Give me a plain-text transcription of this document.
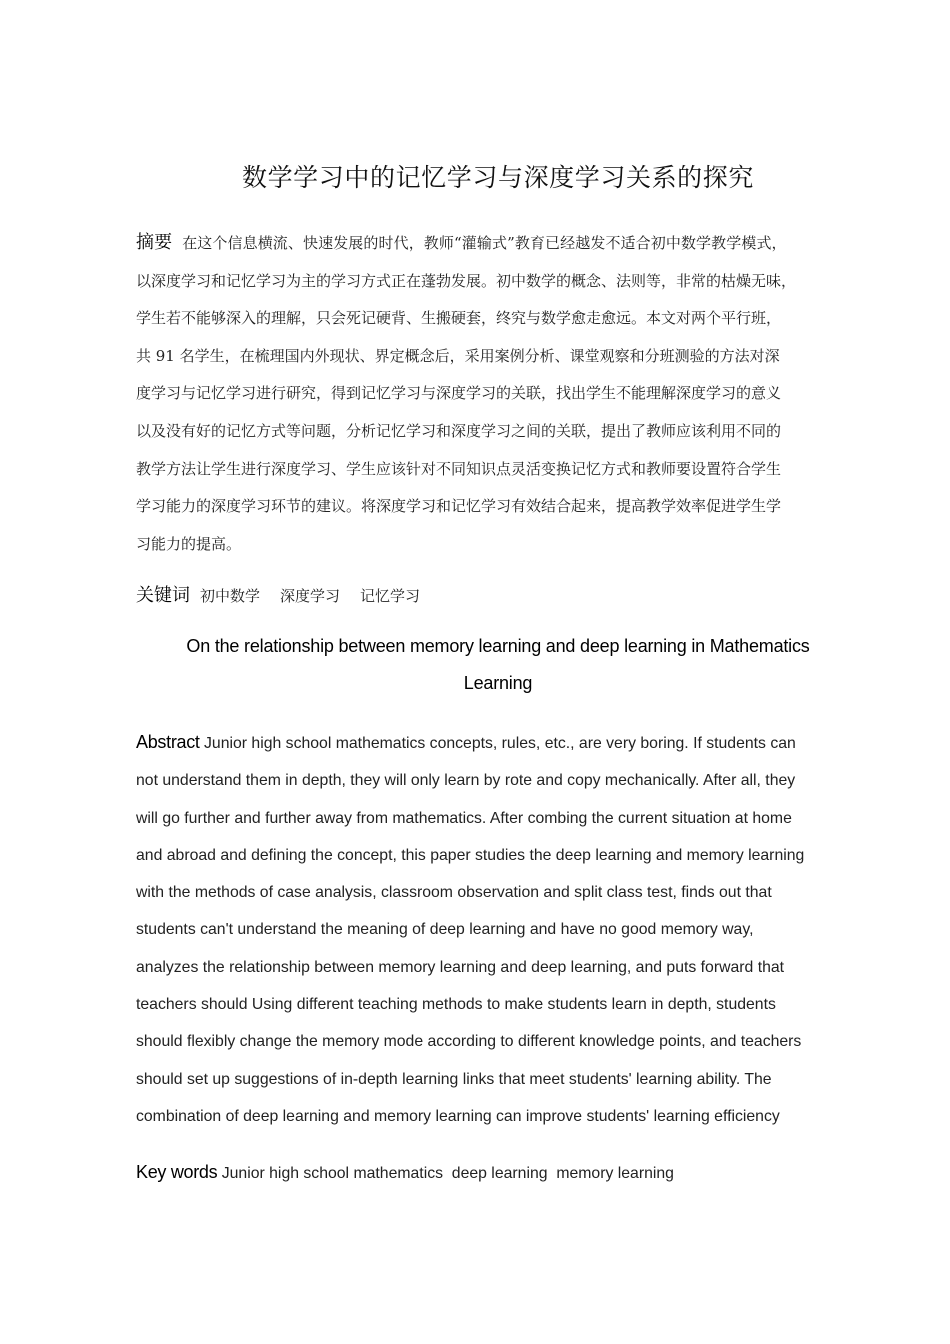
数学学习中的记忆学习与深度学习关系的探究
摘要 在这个信息横流、快速发展的时代，教师“灌输式”教育已经越发不适合初中数学教学模式，
以深度学习和记忆学习为主的学习方式正在蓬勃发展。初中数学的概念、法则等，非常的枯燥无味，
学生若不能够深入的理解，只会死记硬背、生搬硬套，终究与数学愈走愈远。本文对两个平行班，
共 91 名学生，在梳理国内外现状、界定概念后，采用案例分析、课堂观察和分班测验的方法对深
度学习与记忆学习进行研究，得到记忆学习与深度学习的关联，找出学生不能理解深度学习的意义
以及没有好的记忆方式等问题，分析记忆学习和深度学习之间的关联，提出了教师应该利用不同的
教学方法让学生进行深度学习、学生应该针对不同知识点灵活变换记忆方式和教师要设置符合学生
学习能力的深度学习环节的建议。将深度学习和记忆学习有效结合起来，提高教学效率促进学生学
习能力的提高。
关键词 初中数学 深度学习 记忆学习
On the relationship between memory learning and deep learning in Mathematics
Learning
Abstract Junior high school mathematics concepts, rules, etc., are very boring. If students can
not understand them in depth, they will only learn by rote and copy mechanically. After all, they
will go further and further away from mathematics. After combing the current situation at home
and abroad and defining the concept, this paper studies the deep learning and memory learning
with the methods of case analysis, classroom observation and split class test, finds out that
students can't understand the meaning of deep learning and have no good memory way,
analyzes the relationship between memory learning and deep learning, and puts forward that
teachers should Using different teaching methods to make students learn in depth, students
should flexibly change the memory mode according to different knowledge points, and teachers
should set up suggestions of in-depth learning links that meet students' learning ability. The
combination of deep learning and memory learning can improve students' learning efficiency
Key words Junior high school mathematics deep learning memory learning
